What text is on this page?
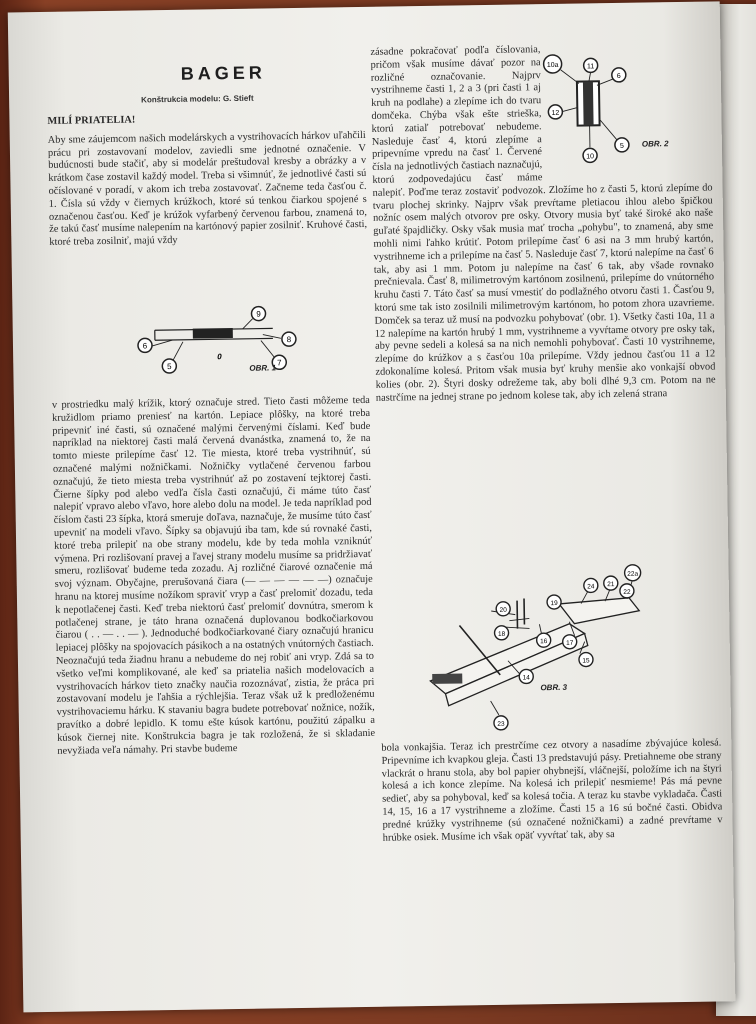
BAGER
Konštrukcia modelu: G. Stieft
MILÍ PRIATELIA!

Aby sme záujemcom našich modelárskych a vystrihovacích hárkov uľahčili prácu pri zostavovaní modelov, zaviedli sme jednotné označenie. V budúcnosti bude stačiť, aby si modelár preštudoval kresby a obrázky a v krátkom čase zostavil každý model. Treba si všimnúť, že jednotlivé časti sú očíslované v poradí, v akom ich treba zostavovať. Začneme teda časťou č. 1. Čísla sú vždy v čiernych krúžkoch, ktoré sú tenkou čiarkou spojené s označenou časťou. Keď je krúžok vyfarbený červenou farbou, znamená to, že takú časť musíme nalepením na kartónový papier zosilniť. Kruhové časti, ktoré treba zosilniť, majú vždy

9
6
8
5	7
0
OBR. 1

v prostriedku malý krížik, ktorý označuje stred. Tieto časti môžeme teda kružidlom priamo preniesť na kartón. Lepiace plôšky, na ktoré treba pripevniť iné časti, sú označené malými červenými číslami. Keď bude napríklad na niektorej časti malá červená dvanástka, znamená to, že na tomto mieste prilepíme časť 12. Tie miesta, ktoré treba vystrihnúť, sú označené malými nožničkami. Nožničky vytlačené červenou farbou označujú, že tieto miesta treba vystrihnúť až po zostavení tejktorej časti. Čierne šípky pod alebo vedľa čísla časti označujú, či máme túto časť nalepiť vpravo alebo vľavo, hore alebo dolu na model. Je teda napríklad pod číslom časti 23 šípka, ktorá smeruje doľava, naznačuje, že musíme túto časť upevniť na modeli vľavo. Šípky sa objavujú iba tam, kde sú rovnaké časti, ktoré treba prilepiť na obe strany modelu, kde by teda mohla vzniknúť výmena. Pri rozlišovaní pravej a ľavej strany modelu musíme sa pridržiavať smeru, rozlišovať budeme teda zozadu. Aj rozličné čiarové označenie má svoj význam. Obyčajne, prerušovaná čiara (— — — — — —) označuje hranu na ktorej musíme nožíkom spraviť vryp a časť prelomiť dozadu, teda k nepotlačenej časti. Keď treba niektorú časť prelomiť dovnútra, smerom k potlačenej strane, je táto hrana označená duplovanou bodkočiarkovou čiarou ( . . — . . — ). Jednoduché bodkočiarkované čiary označujú hranicu lepiacej plôšky na spojovacích pásikoch a na ostatných vnútorných častiach. Neoznačujú teda žiadnu hranu a nebudeme do nej robiť ani vryp. Zdá sa to všetko veľmi komplikované, ale keď sa priatelia našich modelovacích a vystrihovacích hárkov tieto značky naučia rozoznávať, zistia, že práca pri zostavovaní modelu je ľahšia a rýchlejšia. Teraz však už k predloženému vystrihovaciemu hárku. K stavaniu bagra budete potrebovať nožnice, nožík, pravítko a dobré lepidlo. K tomu ešte kúsok kartónu, použitú zápalku a kúsok čiernej nite. Konštrukcia bagra je tak rozložená, že si skladanie nevyžiada veľa námahy. Pri stavbe budeme

zásadne pokračovať podľa číslovania, pričom však musíme dávať pozor na rozličné označovanie. Najprv vystrihneme časti 1, 2 a 3 (pri časti 1 aj kruh na podlahe) a zlepíme ich do tvaru domčeka. Chýba však ešte strieška, ktorú zatiaľ potrebovať nebudeme. Nasleduje časť 4, ktorú zlepíme a pripevníme vpredu na časť 1. Červené čísla na jednotlivých častiach naznačujú, ktorú zodpovedajúcu časť máme nalepiť. Poďme teraz zostaviť podvozok. Zložíme ho z časti 5, ktorú zlepíme do tvaru plochej skrinky. Najprv však prevŕtame pletiacou ihlou alebo špičkou nožníc osem malých otvorov pre osky. Otvory musia byť také široké ako naše guľaté špajdličky. Osky však musia mať trocha „pohybu", to znamená, aby sme mohli nimi ľahko krútiť. Potom prilepíme časť 6 asi na 3 mm hrubý kartón, vystrihneme ich a prilepíme na časť 5. Nasleduje časť 7, ktorú nalepíme na časť 6 tak, aby asi 1 mm. Potom ju nalepíme na časť 6 tak, aby všade rovnako prečnievala. Časť 8, milimetrovým kartónom zosilnenú, prilepíme do vnútorného kruhu časti 7. Táto časť sa musí vmestiť do podlažného otvoru časti 1. Časťou 9, ktorú sme tak isto zosilnili milimetrovým kartónom, ho potom zhora uzavrieme. Domček sa teraz už musí na podvozku pohybovať (obr. 1). Všetky časti 10a, 11 a 12 nalepíme na kartón hrubý 1 mm, vystrihneme a vyvŕtame otvory pre osky tak, aby pevne sedeli a kolesá sa na nich nemohli pohybovať. Časti 10 vystrihneme, zlepíme do krúžkov a s časťou 10a prilepíme. Vždy jednou časťou 11 a 12 zdokonalíme kolesá. Pritom však musia byť kruhy menšie ako vonkajší obvod kolies (obr. 2). Štyri dosky odrežeme tak, aby boli dlhé 9,3 cm. Potom na ne nastrčíme na jednej strane po jednom kolese tak, aby ich zelená strana

10a	11
6
12
10
5 OBR. 2
20
19
18
24 21
22
22a
17
15
16
14
23
OBR. 3

bola vonkajšia. Teraz ich prestrčíme cez otvory a nasadíme zbývajúce kolesá. Pripevníme ich kvapkou gleja. Časti 13 predstavujú pásy. Pretiahneme obe strany vlackrát o hranu stola, aby bol papier ohybnejší, vláčnejší, položíme ich na štyri kolesá a ich konce zlepíme. Na kolesá ich prilepiť nesmieme! Pás má pevne sedieť, aby sa pohyboval, keď sa kolesá točia. A teraz ku stavbe vykladača. Časti 14, 15, 16 a 17 vystrihneme a zložíme. Časti 15 a 16 sú bočné časti. Obidva predné krúžky vystrihneme (sú označené nožničkami) a zadné prevŕtame v hrúbke osiek. Musíme ich však opäť vyvŕtať tak, aby sa
